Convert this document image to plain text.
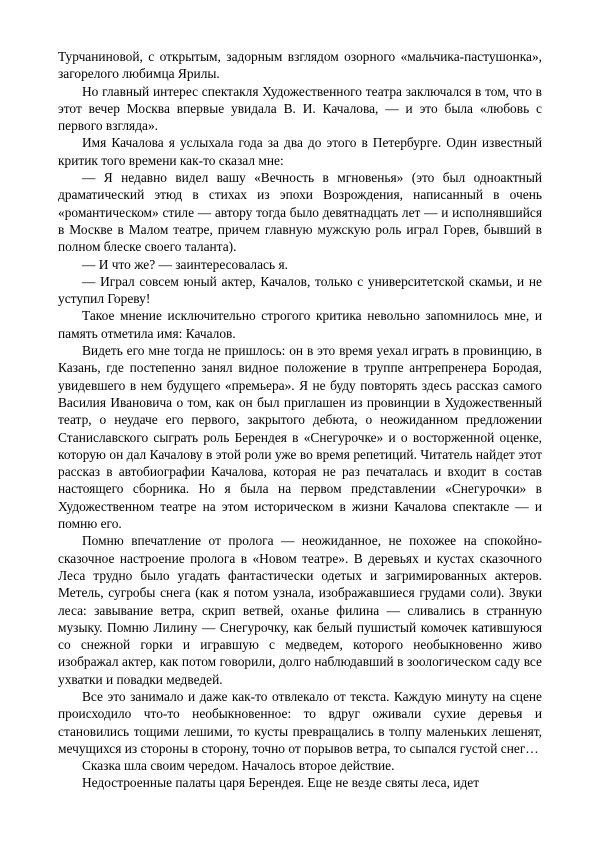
Турчаниновой, с открытым, задорным взглядом озорного «мальчика-пастушонка», загорелого любимца Ярилы.

Но главный интерес спектакля Художественного театра заключался в том, что в этот вечер Москва впервые увидала В. И. Качалова, — и это была «любовь с первого взгляда».

Имя Качалова я услыхала года за два до этого в Петербурге. Один известный критик того времени как-то сказал мне:

— Я недавно видел вашу «Вечность в мгновенья» (это был одноактный драматический этюд в стихах из эпохи Возрождения, написанный в очень «романтическом» стиле — автору тогда было девятнадцать лет — и исполнявшийся в Москве в Малом театре, причем главную мужскую роль играл Горев, бывший в полном блеске своего таланта).

— И что же? — заинтересовалась я.

— Играл совсем юный актер, Качалов, только с университетской скамьи, и не уступил Гореву!

Такое мнение исключительно строгого критика невольно запомнилось мне, и память отметила имя: Качалов.

Видеть его мне тогда не пришлось: он в это время уехал играть в провинцию, в Казань, где постепенно занял видное положение в труппе антрепренера Бородая, увидевшего в нем будущего «премьера». Я не буду повторять здесь рассказ самого Василия Ивановича о том, как он был приглашен из провинции в Художественный театр, о неудаче его первого, закрытого дебюта, о неожиданном предложении Станиславского сыграть роль Берендея в «Снегурочке» и о восторженной оценке, которую он дал Качалову в этой роли уже во время репетиций. Читатель найдет этот рассказ в автобиографии Качалова, которая не раз печаталась и входит в состав настоящего сборника. Но я была на первом представлении «Снегурочки» в Художественном театре на этом историческом в жизни Качалова спектакле — и помню его.

Помню впечатление от пролога — неожиданное, не похожее на спокойно-сказочное настроение пролога в «Новом театре». В деревьях и кустах сказочного Леса трудно было угадать фантастически одетых и загримированных актеров. Метель, сугробы снега (как я потом узнала, изображавшиеся грудами соли). Звуки леса: завывание ветра, скрип ветвей, оханье филина — сливались в странную музыку. Помню Лилину — Снегурочку, как белый пушистый комочек катившуюся со снежной горки и игравшую с медведем, которого необыкновенно живо изображал актер, как потом говорили, долго наблюдавший в зоологическом саду все ухватки и повадки медведей.

Все это занимало и даже как-то отвлекало от текста. Каждую минуту на сцене происходило что-то необыкновенное: то вдруг оживали сухие деревья и становились тощими лешими, то кусты превращались в толпу маленьких лешенят, мечущихся из стороны в сторону, точно от порывов ветра, то сыпался густой снег…

Сказка шла своим чередом. Началось второе действие.

Недостроенные палаты царя Берендея. Еще не везде святы леса, идет
